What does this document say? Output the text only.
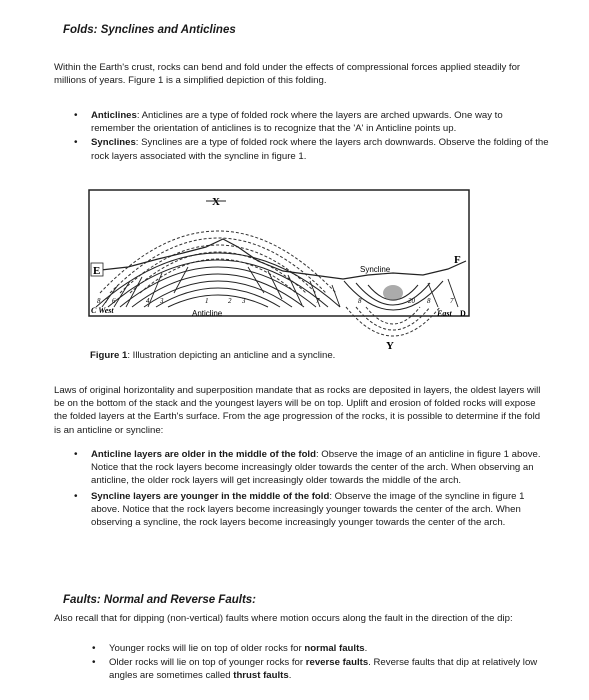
Folds: Synclines and Anticlines
Within the Earth's crust, rocks can bend and fold under the effects of compressional forces applied steadily for millions of years. Figure 1 is a simplified depiction of this folding.
• Anticlines: Anticlines are a type of folded rock where the layers are arched upwards. One way to remember the orientation of anticlines is to recognize that the 'A' in Anticline points up.
• Synclines: Synclines are a type of folded rock where the layers arch downwards. Observe the folding of the rock layers associated with the syncline in figure 1.
X
Y
E
F
Syncline
Anticline
C West	East D
8 7 6	4 3	1	2 3	7	8	20 8	7
Figure 1: Illustration depicting an anticline and a syncline.
Laws of original horizontality and superposition mandate that as rocks are deposited in layers, the oldest layers will be on the bottom of the stack and the youngest layers will be on top. Uplift and erosion of folded rocks will expose the folded layers at the Earth's surface. From the age progression of the rocks, it is possible to determine if the fold is an anticline or syncline:
• Anticline layers are older in the middle of the fold: Observe the image of an anticline in figure 1 above. Notice that the rock layers become increasingly older towards the center of the arch. When observing an anticline, the older rock layers will get increasingly older towards the middle of the arch.
• Syncline layers are younger in the middle of the fold: Observe the image of the syncline in figure 1 above. Notice that the rock layers become increasingly younger towards the center of the arch. When observing a syncline, the rock layers become increasingly younger towards the center of the arch.
Faults: Normal and Reverse Faults:
Also recall that for dipping (non-vertical) faults where motion occurs along the fault in the direction of the dip:
• Younger rocks will lie on top of older rocks for normal faults.
• Older rocks will lie on top of younger rocks for reverse faults. Reverse faults that dip at relatively low angles are sometimes called thrust faults.
